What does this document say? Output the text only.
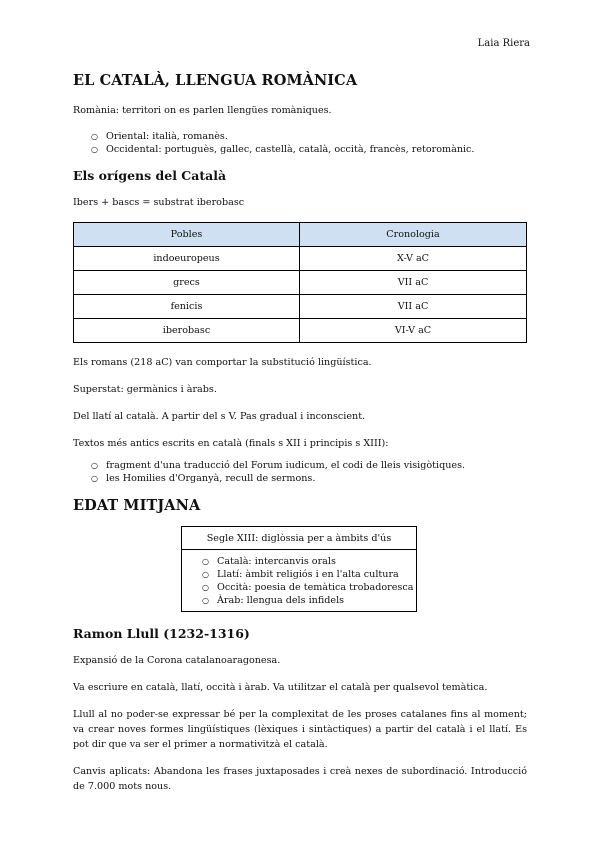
Laia Riera
EL CATALÀ, LLENGUA ROMÀNICA

Romània: territori on es parlen llengües romàniques.

○ Oriental: italià, romanès.
○ Occidental: portuguès, gallec, castellà, català, occità, francès, retoromànic.
Els orígens del Català

Ibers + bascs = substrat iberobasc

Pobles	Cronologia
indoeuropeus	X-V aC
grecs	VII aC
fenicis	VII aC
iberobasc	VI-V aC

Els romans (218 aC) van comportar la substitució lingüística.

Superstat: germànics i àrabs.

Del llatí al català. A partir del s V. Pas gradual i inconscient.

Textos més antics escrits en català (finals s XII i principis s XIII):

○ fragment d'una traducció del Forum iudicum, el codi de lleis visigòtiques.
○ les Homilies d'Organyà, recull de sermons.
EDAT MITJANA
Segle XIII: diglòssia per a àmbits d'ús
○ Català: intercanvis orals
○ Llatí: àmbit religiós i en l'alta cultura
○ Occità: poesia de temàtica trobadoresca
○ Àrab: llengua dels infidels
Ramon Llull (1232-1316)

Expansió de la Corona catalanoaragonesa.

Va escriure en català, llatí, occità i àrab. Va utilitzar el català per qualsevol temàtica.

Llull al no poder-se expressar bé per la complexitat de les proses catalanes fins al moment; va crear noves formes lingüístiques (lèxiques i sintàctiques) a partir del català i el llatí. Es pot dir que va ser el primer a normativitzà el català.

Canvis aplicats: Abandona les frases juxtaposades i creà nexes de subordinació. Introducció de 7.000 mots nous.
